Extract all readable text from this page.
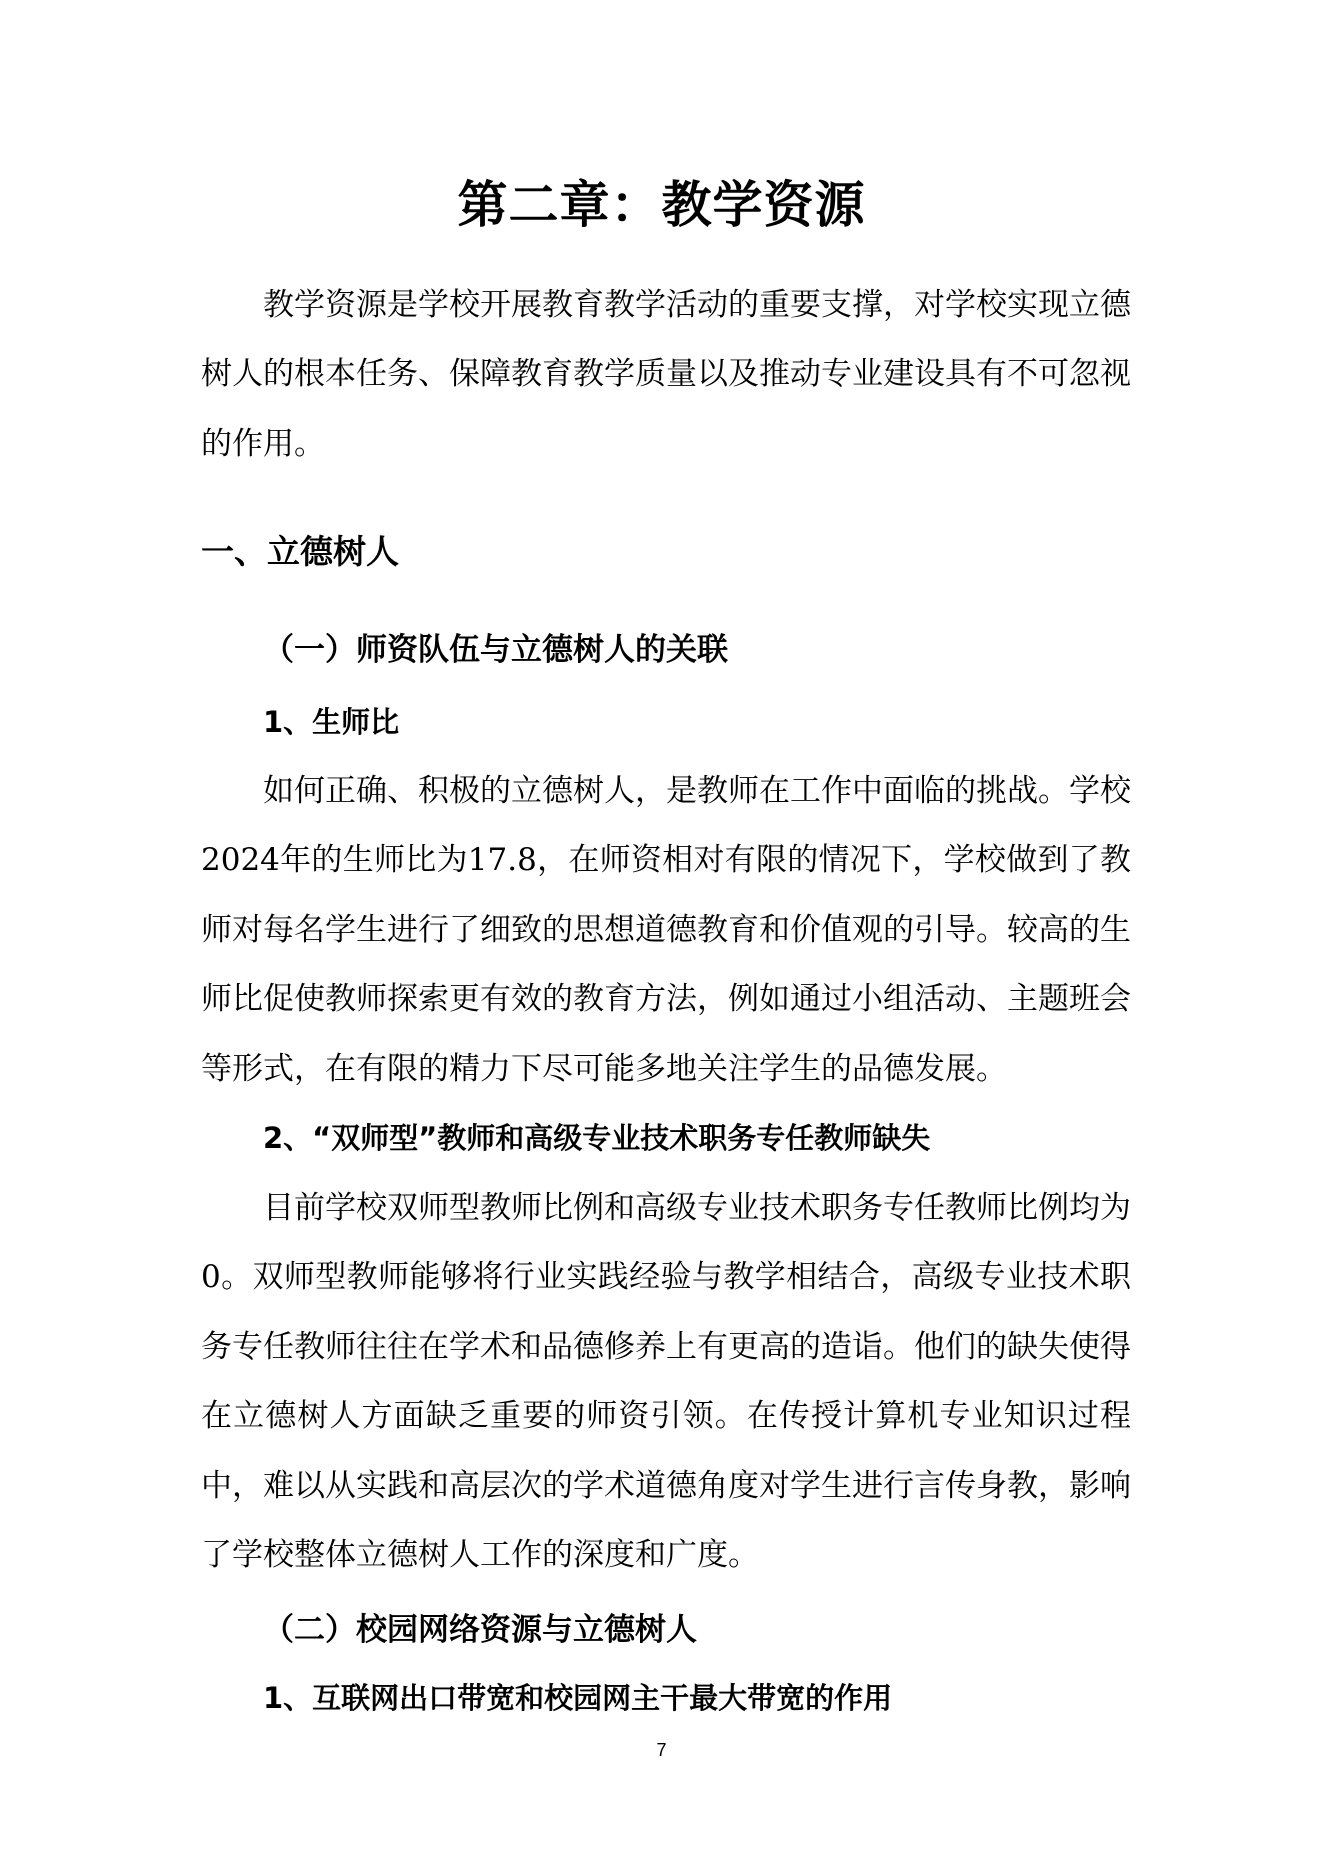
第二章：教学资源

教学资源是学校开展教育教学活动的重要支撑，对学校实现立德树人的根本任务、保障教育教学质量以及推动专业建设具有不可忽视的作用。

一、立德树人
（一）师资队伍与立德树人的关联
1、生师比

如何正确、积极的立德树人，是教师在工作中面临的挑战。学校2024年的生师比为17.8，在师资相对有限的情况下，学校做到了教师对每名学生进行了细致的思想道德教育和价值观的引导。较高的生师比促使教师探索更有效的教育方法，例如通过小组活动、主题班会等形式，在有限的精力下尽可能多地关注学生的品德发展。

2、“双师型”教师和高级专业技术职务专任教师缺失

目前学校双师型教师比例和高级专业技术职务专任教师比例均为0。双师型教师能够将行业实践经验与教学相结合，高级专业技术职务专任教师往往在学术和品德修养上有更高的造诣。他们的缺失使得在立德树人方面缺乏重要的师资引领。在传授计算机专业知识过程中，难以从实践和高层次的学术道德角度对学生进行言传身教，影响了学校整体立德树人工作的深度和广度。

（二）校园网络资源与立德树人
1、互联网出口带宽和校园网主干最大带宽的作用
7
